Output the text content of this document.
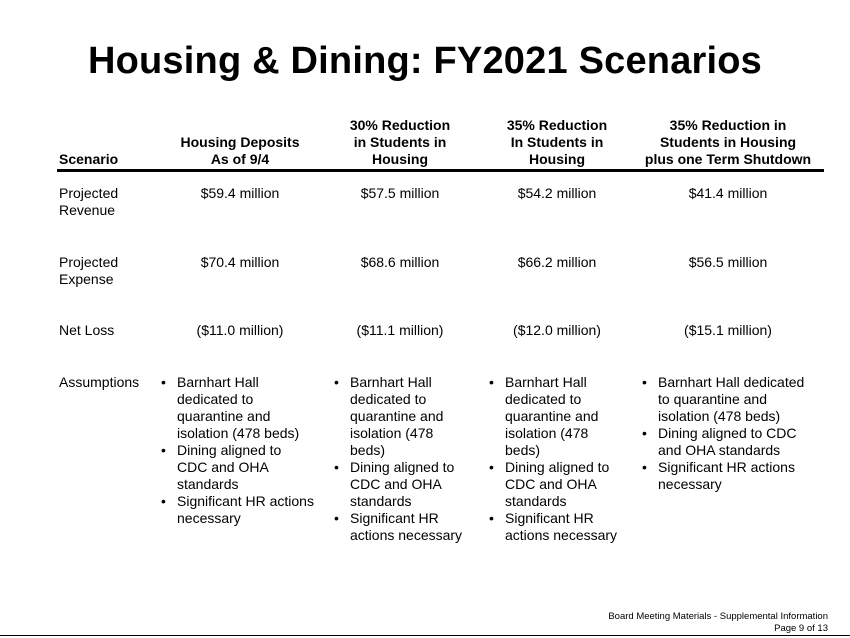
Housing & Dining: FY2021 Scenarios
Scenario
Housing Deposits
As of 9/4
30% Reduction
in Students in
Housing
35% Reduction
In Students in
Housing
35% Reduction in
Students in Housing
plus one Term Shutdown
Projected
Revenue
$59.4 million	$57.5 million	$54.2 million	$41.4 million
Projected
Expense
$70.4 million	$68.6 million	$66.2 million	$56.5 million
Net Loss	($11.0 million)	($11.1 million)	($12.0 million)	($15.1 million)
Assumptions
•	Barnhart Hall
dedicated to
quarantine and
isolation (478 beds)
• Dining aligned to
CDC and OHA
standards
• Significant HR actions
necessary
• Barnhart Hall
dedicated to
quarantine and
isolation (478
beds)
• Dining aligned to
CDC and OHA
standards
• Significant HR
actions necessary
• Barnhart Hall
dedicated to
quarantine and
isolation (478
beds)
• Dining aligned to
CDC and OHA
standards
• Significant HR
actions necessary
• Barnhart Hall dedicated
to quarantine and
isolation (478 beds)
• Dining aligned to CDC
and OHA standards
• Significant HR actions
necessary
Board Meeting Materials - Supplemental Information
Page 9 of 13
